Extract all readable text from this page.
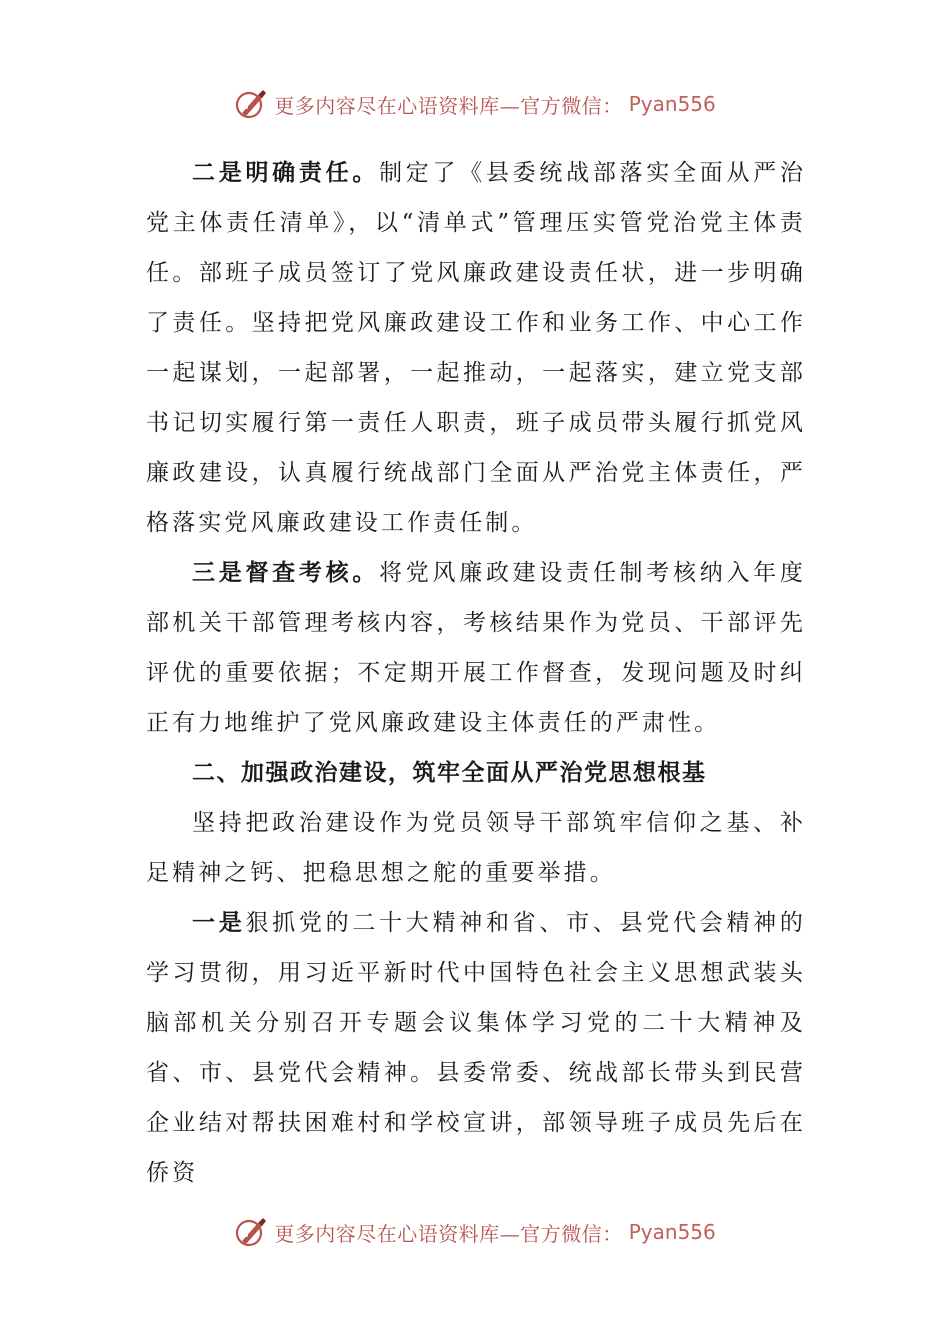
更多内容尽在心语资料库—官方微信： Pyan556

二是明确责任。制定了《县委统战部落实全面从严治党主体责任清单》，以“清单式”管理压实管党治党主体责任。部班子成员签订了党风廉政建设责任状，进一步明确了责任。坚持把党风廉政建设工作和业务工作、中心工作一起谋划，一起部署，一起推动，一起落实，建立党支部书记切实履行第一责任人职责，班子成员带头履行抓党风廉政建设，认真履行统战部门全面从严治党主体责任，严格落实党风廉政建设工作责任制。

三是督查考核。将党风廉政建设责任制考核纳入年度部机关干部管理考核内容，考核结果作为党员、干部评先评优的重要依据；不定期开展工作督查，发现问题及时纠正有力地维护了党风廉政建设主体责任的严肃性。

二、加强政治建设，筑牢全面从严治党思想根基

坚持把政治建设作为党员领导干部筑牢信仰之基、补足精神之钙、把稳思想之舵的重要举措。

一是狠抓党的二十大精神和省、市、县党代会精神的学习贯彻，用习近平新时代中国特色社会主义思想武装头脑部机关分别召开专题会议集体学习党的二十大精神及省、市、县党代会精神。县委常委、统战部长带头到民营企业结对帮扶困难村和学校宣讲，部领导班子成员先后在侨资

更多内容尽在心语资料库—官方微信： Pyan556
